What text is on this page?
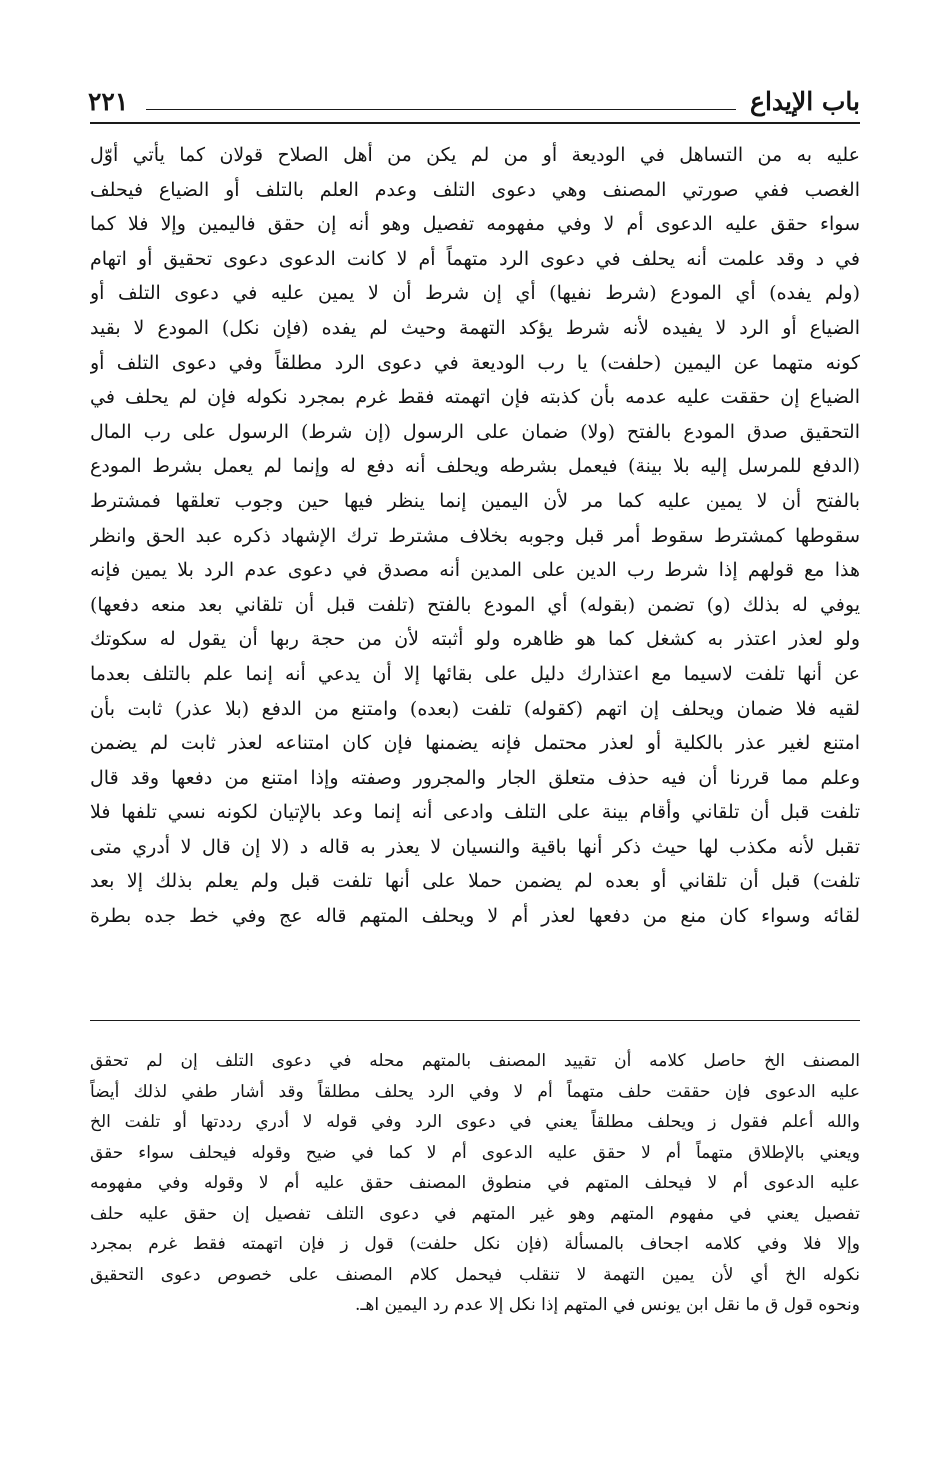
باب الإيداع
٢٢١
عليه به من التساهل في الوديعة أو من لم يكن من أهل الصلاح قولان كما يأتي أوّل
الغصب ففي صورتي المصنف وهي دعوى التلف وعدم العلم بالتلف أو الضياع فيحلف
سواء حقق عليه الدعوى أم لا وفي مفهومه تفصيل وهو أنه إن حقق فاليمين وإلا فلا كما
في د وقد علمت أنه يحلف في دعوى الرد متهماً أم لا كانت الدعوى دعوى تحقيق أو اتهام
(ولم يفده) أي المودع (شرط نفيها) أي إن شرط أن لا يمين عليه في دعوى التلف أو
الضياع أو الرد لا يفيده لأنه شرط يؤكد التهمة وحيث لم يفده (فإن نكل) المودع لا بقيد
كونه متهما عن اليمين (حلفت) يا رب الوديعة في دعوى الرد مطلقاً وفي دعوى التلف أو
الضياع إن حققت عليه عدمه بأن كذبته فإن اتهمته فقط غرم بمجرد نكوله فإن لم يحلف في
التحقيق صدق المودع بالفتح (ولا) ضمان على الرسول (إن شرط) الرسول على رب المال
(الدفع للمرسل إليه بلا بينة) فيعمل بشرطه ويحلف أنه دفع له وإنما لم يعمل بشرط المودع
بالفتح أن لا يمين عليه كما مر لأن اليمين إنما ينظر فيها حين وجوب تعلقها فمشترط
سقوطها كمشترط سقوط أمر قبل وجوبه بخلاف مشترط ترك الإشهاد ذكره عبد الحق وانظر
هذا مع قولهم إذا شرط رب الدين على المدين أنه مصدق في دعوى عدم الرد بلا يمين فإنه
يوفي له بذلك (و) تضمن (بقوله) أي المودع بالفتح (تلفت قبل أن تلقاني بعد منعه دفعها)
ولو لعذر اعتذر به كشغل كما هو ظاهره ولو أثبته لأن من حجة ربها أن يقول له سكوتك
عن أنها تلفت لاسيما مع اعتذارك دليل على بقائها إلا أن يدعي أنه إنما علم بالتلف بعدما
لقيه فلا ضمان ويحلف إن اتهم (كقوله) تلفت (بعده) وامتنع من الدفع (بلا عذر) ثابت بأن
امتنع لغير عذر بالكلية أو لعذر محتمل فإنه يضمنها فإن كان امتناعه لعذر ثابت لم يضمن
وعلم مما قررنا أن فيه حذف متعلق الجار والمجرور وصفته وإذا امتنع من دفعها وقد قال
تلفت قبل أن تلقاني وأقام بينة على التلف وادعى أنه إنما وعد بالإتيان لكونه نسي تلفها فلا
تقبل لأنه مكذب لها حيث ذكر أنها باقية والنسيان لا يعذر به قاله د (لا إن قال لا أدري متى
تلفت) قبل أن تلقاني أو بعده لم يضمن حملا على أنها تلفت قبل ولم يعلم بذلك إلا بعد
لقائه وسواء كان منع من دفعها لعذر أم لا ويحلف المتهم قاله عج وفي خط جده بطرة
المصنف الخ حاصل كلامه أن تقييد المصنف بالمتهم محله في دعوى التلف إن لم تحقق
عليه الدعوى فإن حققت حلف متهماً أم لا وفي الرد يحلف مطلقاً وقد أشار طفي لذلك أيضاً
والله أعلم فقول ز ويحلف مطلقاً يعني في دعوى الرد وفي قوله لا أدري رددتها أو تلفت الخ
ويعني بالإطلاق متهماً أم لا حقق عليه الدعوى أم لا كما في ضيح وقوله فيحلف سواء حقق
عليه الدعوى أم لا فيحلف المتهم في منطوق المصنف حقق عليه أم لا وقوله وفي مفهومه
تفصيل يعني في مفهوم المتهم وهو غير المتهم في دعوى التلف تفصيل إن حقق عليه حلف
وإلا فلا وفي كلامه اجحاف بالمسألة (فإن نكل حلفت) قول ز فإن اتهمته فقط غرم بمجرد
نكوله الخ أي لأن يمين التهمة لا تنقلب فيحمل كلام المصنف على خصوص دعوى التحقيق
ونحوه قول ق ما نقل ابن يونس في المتهم إذا نكل إلا عدم رد اليمين اهـ.
